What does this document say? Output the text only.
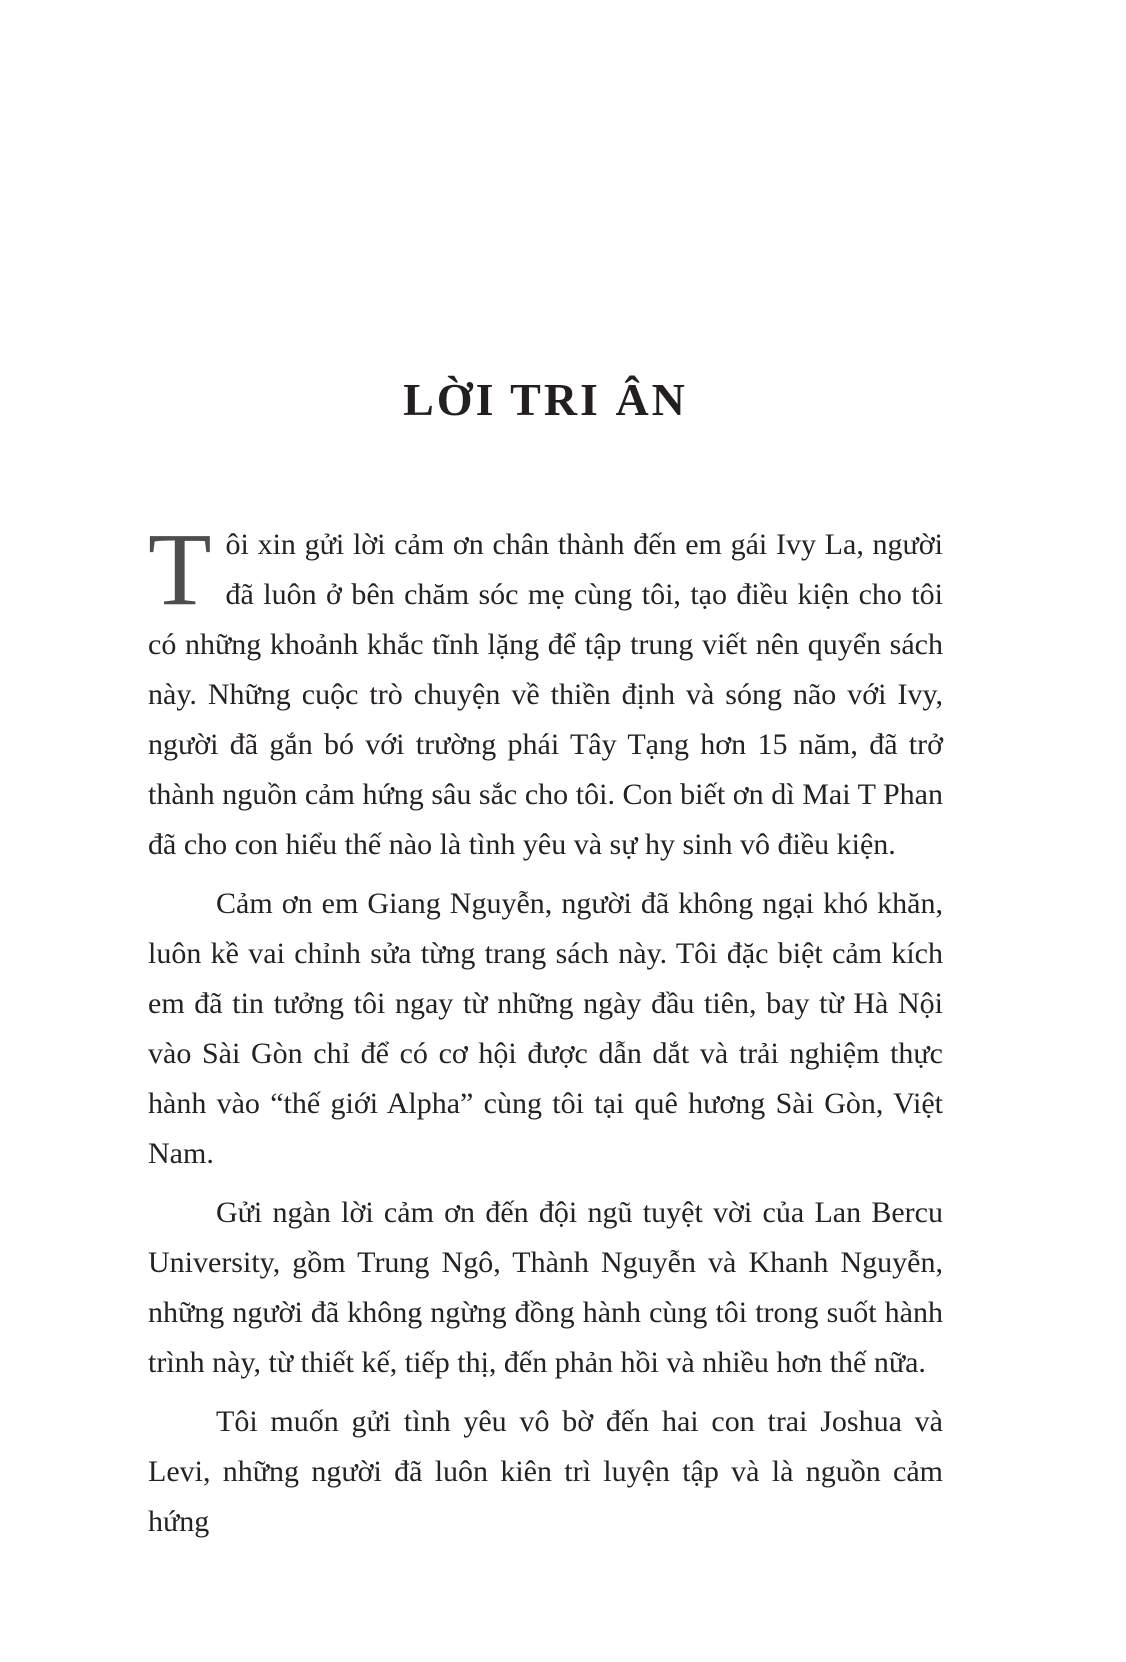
LỜI TRI ÂN

Tôi xin gửi lời cảm ơn chân thành đến em gái Ivy La, người đã luôn ở bên chăm sóc mẹ cùng tôi, tạo điều kiện cho tôi có những khoảnh khắc tĩnh lặng để tập trung viết nên quyển sách này. Những cuộc trò chuyện về thiền định và sóng não với Ivy, người đã gắn bó với trường phái Tây Tạng hơn 15 năm, đã trở thành nguồn cảm hứng sâu sắc cho tôi. Con biết ơn dì Mai T Phan đã cho con hiểu thế nào là tình yêu và sự hy sinh vô điều kiện.

Cảm ơn em Giang Nguyễn, người đã không ngại khó khăn, luôn kề vai chỉnh sửa từng trang sách này. Tôi đặc biệt cảm kích em đã tin tưởng tôi ngay từ những ngày đầu tiên, bay từ Hà Nội vào Sài Gòn chỉ để có cơ hội được dẫn dắt và trải nghiệm thực hành vào “thế giới Alpha” cùng tôi tại quê hương Sài Gòn, Việt Nam.

Gửi ngàn lời cảm ơn đến đội ngũ tuyệt vời của Lan Bercu University, gồm Trung Ngô, Thành Nguyễn và Khanh Nguyễn, những người đã không ngừng đồng hành cùng tôi trong suốt hành trình này, từ thiết kế, tiếp thị, đến phản hồi và nhiều hơn thế nữa.

Tôi muốn gửi tình yêu vô bờ đến hai con trai Joshua và Levi, những người đã luôn kiên trì luyện tập và là nguồn cảm hứng
